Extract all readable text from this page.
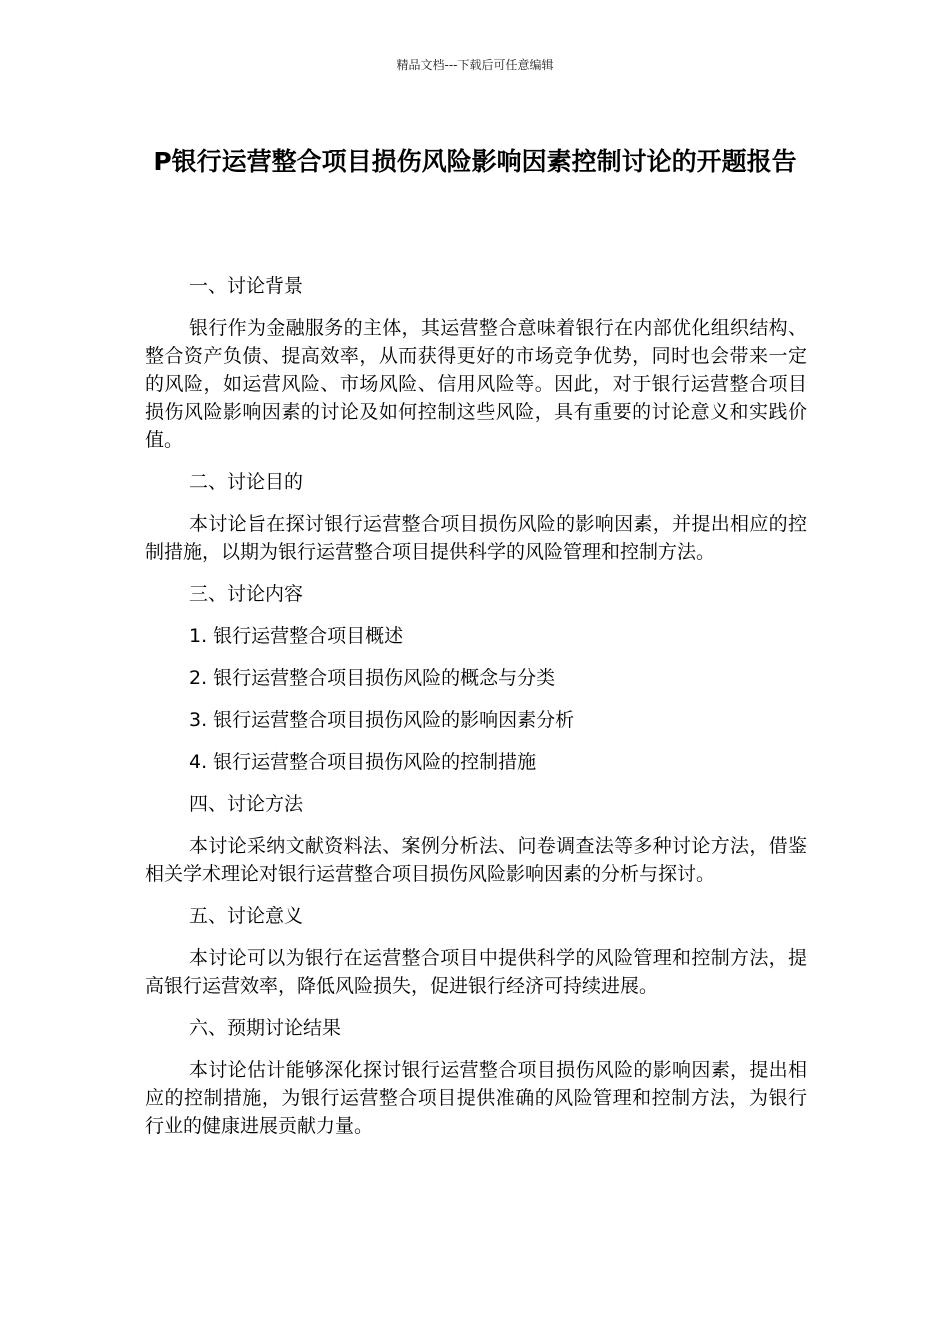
精品文档---下载后可任意编辑
P银行运营整合项目损伤风险影响因素控制讨论的开题报告
一、讨论背景

银行作为金融服务的主体，其运营整合意味着银行在内部优化组织结构、整合资产负债、提高效率，从而获得更好的市场竞争优势，同时也会带来一定的风险，如运营风险、市场风险、信用风险等。因此，对于银行运营整合项目损伤风险影响因素的讨论及如何控制这些风险，具有重要的讨论意义和实践价值。

二、讨论目的

本讨论旨在探讨银行运营整合项目损伤风险的影响因素，并提出相应的控制措施，以期为银行运营整合项目提供科学的风险管理和控制方法。

三、讨论内容
1. 银行运营整合项目概述
2. 银行运营整合项目损伤风险的概念与分类
3. 银行运营整合项目损伤风险的影响因素分析
4. 银行运营整合项目损伤风险的控制措施
四、讨论方法

本讨论采纳文献资料法、案例分析法、问卷调查法等多种讨论方法，借鉴相关学术理论对银行运营整合项目损伤风险影响因素的分析与探讨。

五、讨论意义

本讨论可以为银行在运营整合项目中提供科学的风险管理和控制方法，提高银行运营效率，降低风险损失，促进银行经济可持续进展。

六、预期讨论结果

本讨论估计能够深化探讨银行运营整合项目损伤风险的影响因素，提出相应的控制措施，为银行运营整合项目提供准确的风险管理和控制方法，为银行行业的健康进展贡献力量。
